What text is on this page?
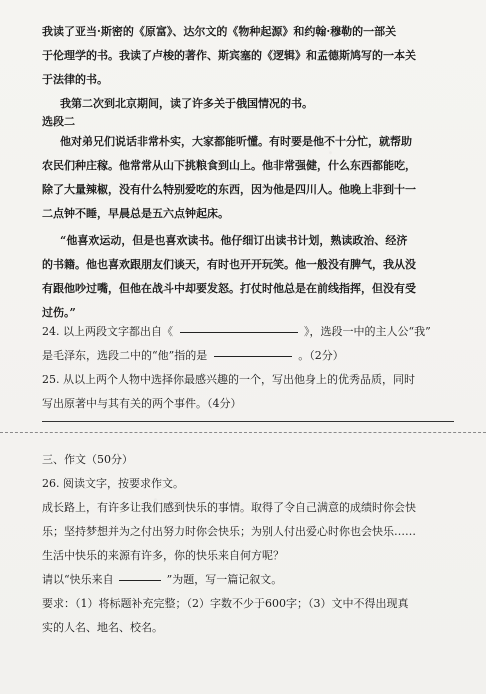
我读了亚当·斯密的《原富》、达尔文的《物种起源》和约翰·穆勒的一部关
于伦理学的书。我读了卢梭的著作、斯宾塞的《逻辑》和孟德斯鸠写的一本关
于法律的书。
我第二次到北京期间，读了许多关于俄国情况的书。
选段二
他对弟兄们说话非常朴实，大家都能听懂。有时要是他不十分忙，就帮助
农民们种庄稼。他常常从山下挑粮食到山上。他非常强健，什么东西都能吃，
除了大量辣椒，没有什么特别爱吃的东西，因为他是四川人。他晚上非到十一
二点钟不睡，早晨总是五六点钟起床。
“他喜欢运动，但是也喜欢读书。他仔细订出读书计划，熟读政治、经济
的书籍。他也喜欢跟朋友们谈天，有时也开开玩笑。他一般没有脾气，我从没
有跟他吵过嘴，但他在战斗中却要发怒。打仗时他总是在前线指挥，但没有受
过伤。”
24. 以上两段文字都出自《	》，选段一中的主人公“我”
是毛泽东，选段二中的“他”指的是	。（2分）
25. 从以上两个人物中选择你最感兴趣的一个，写出他身上的优秀品质，同时
写出原著中与其有关的两个事件。（4分）
三、作文（50分）
26. 阅读文字，按要求作文。
成长路上，有许多让我们感到快乐的事情。取得了令自己满意的成绩时你会快
乐；坚持梦想并为之付出努力时你会快乐；为别人付出爱心时你也会快乐……
生活中快乐的来源有许多，你的快乐来自何方呢？
请以“快乐来自	”为题，写一篇记叙文。
要求：（1）将标题补充完整；（2）字数不少于600字；（3）文中不得出现真
实的人名、地名、校名。
